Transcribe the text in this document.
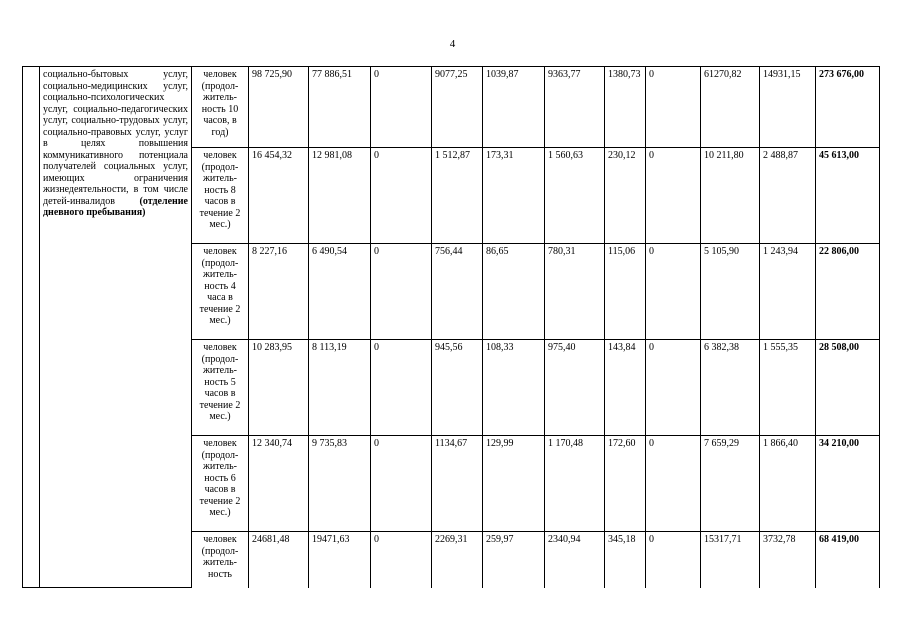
4
	социально-бытовых услуг, социально-медицинских услуг, социально-психологических услуг, социально-педагогических услуг, социально-трудовых услуг, социально-правовых услуг, услуг в целях повышения коммуникативного потенциала получателей социальных услуг, имеющих ограничения жизнедеятельности, в том числе детей-инвалидов (отделение дневного пребывания)	человек (продол-житель-ность 10 часов, в год)	98 725,90	77 886,51	0	9077,25	1039,87	9363,77	1380,73	0	61270,82	14931,15	273 676,00
		человек (продол-житель-ность 8 часов в течение 2 мес.)	16 454,32	12 981,08	0	1 512,87	173,31	1 560,63	230,12	0	10 211,80	2 488,87	45 613,00
		человек (продол-житель-ность 4 часа в течение 2 мес.)	8 227,16	6 490,54	0	756,44	86,65	780,31	115,06	0	5 105,90	1 243,94	22 806,00
		человек (продол-житель-ность 5 часов в течение 2 мес.)	10 283,95	8 113,19	0	945,56	108,33	975,40	143,84	0	6 382,38	1 555,35	28 508,00
		человек (продол-житель-ность 6 часов в течение 2 мес.)	12 340,74	9 735,83	0	1134,67	129,99	1 170,48	172,60	0	7 659,29	1 866,40	34 210,00
		человек (продол-житель-ность	24681,48	19471,63	0	2269,31	259,97	2340,94	345,18	0	15317,71	3732,78	68 419,00
